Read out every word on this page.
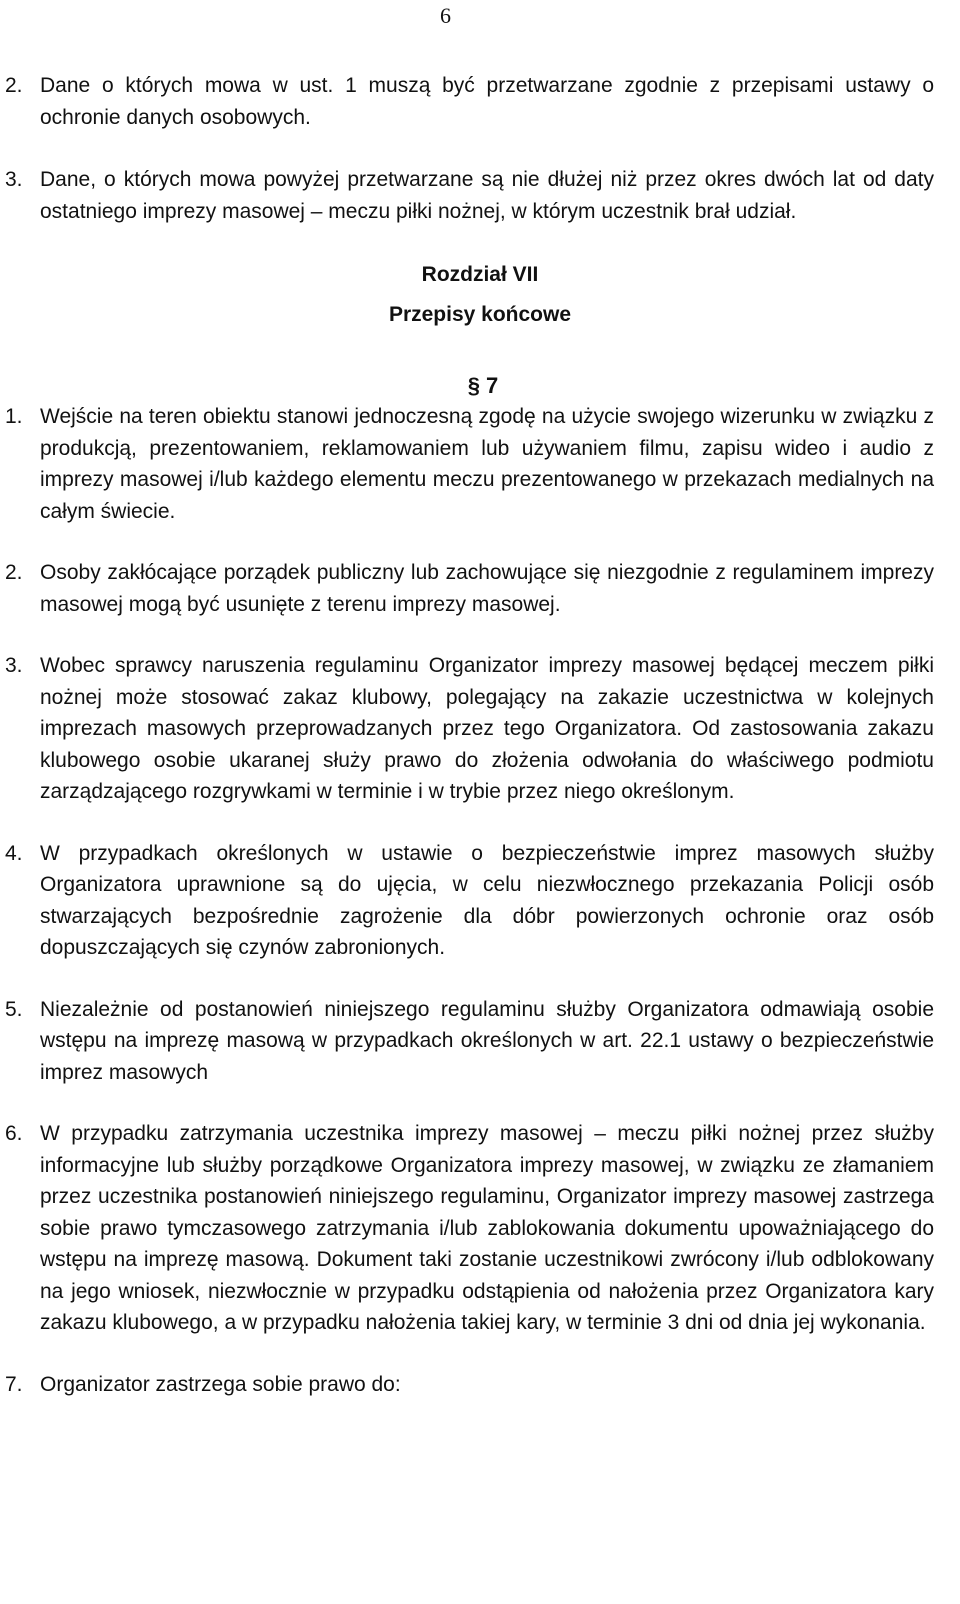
6

2. Dane o których mowa w ust. 1 muszą być przetwarzane zgodnie z przepisami ustawy o ochronie danych osobowych.

3. Dane, o których mowa powyżej przetwarzane są nie dłużej niż przez okres dwóch lat od daty ostatniego imprezy masowej – meczu piłki nożnej, w którym uczestnik brał udział.

Rozdział VII

Przepisy końcowe

§ 7

1. Wejście na teren obiektu stanowi jednoczesną zgodę na użycie swojego wizerunku w związku z produkcją, prezentowaniem, reklamowaniem lub używaniem filmu, zapisu wideo i audio z imprezy masowej i/lub każdego elementu meczu prezentowanego w przekazach medialnych na całym świecie.

2. Osoby zakłócające porządek publiczny lub zachowujące się niezgodnie z regulaminem imprezy masowej mogą być usunięte z terenu imprezy masowej.

3. Wobec sprawcy naruszenia regulaminu Organizator imprezy masowej będącej meczem piłki nożnej może stosować zakaz klubowy, polegający na zakazie uczestnictwa w kolejnych imprezach masowych przeprowadzanych przez tego Organizatora. Od zastosowania zakazu klubowego osobie ukaranej służy prawo do złożenia odwołania do właściwego podmiotu zarządzającego rozgrywkami w terminie i w trybie przez niego określonym.

4. W przypadkach określonych w ustawie o bezpieczeństwie imprez masowych służby Organizatora uprawnione są do ujęcia, w celu niezwłocznego przekazania Policji osób stwarzających bezpośrednie zagrożenie dla dóbr powierzonych ochronie oraz osób dopuszczających się czynów zabronionych.

5. Niezależnie od postanowień niniejszego regulaminu służby Organizatora odmawiają osobie wstępu na imprezę masową w przypadkach określonych w art. 22.1 ustawy o bezpieczeństwie imprez masowych

6. W przypadku zatrzymania uczestnika imprezy masowej – meczu piłki nożnej przez służby informacyjne lub służby porządkowe Organizatora imprezy masowej, w związku ze złamaniem przez uczestnika postanowień niniejszego regulaminu, Organizator imprezy masowej zastrzega sobie prawo tymczasowego zatrzymania i/lub zablokowania dokumentu upoważniającego do wstępu na imprezę masową. Dokument taki zostanie uczestnikowi zwrócony i/lub odblokowany na jego wniosek, niezwłocznie w przypadku odstąpienia od nałożenia przez Organizatora kary zakazu klubowego, a w przypadku nałożenia takiej kary, w terminie 3 dni od dnia jej wykonania.

7. Organizator zastrzega sobie prawo do:
